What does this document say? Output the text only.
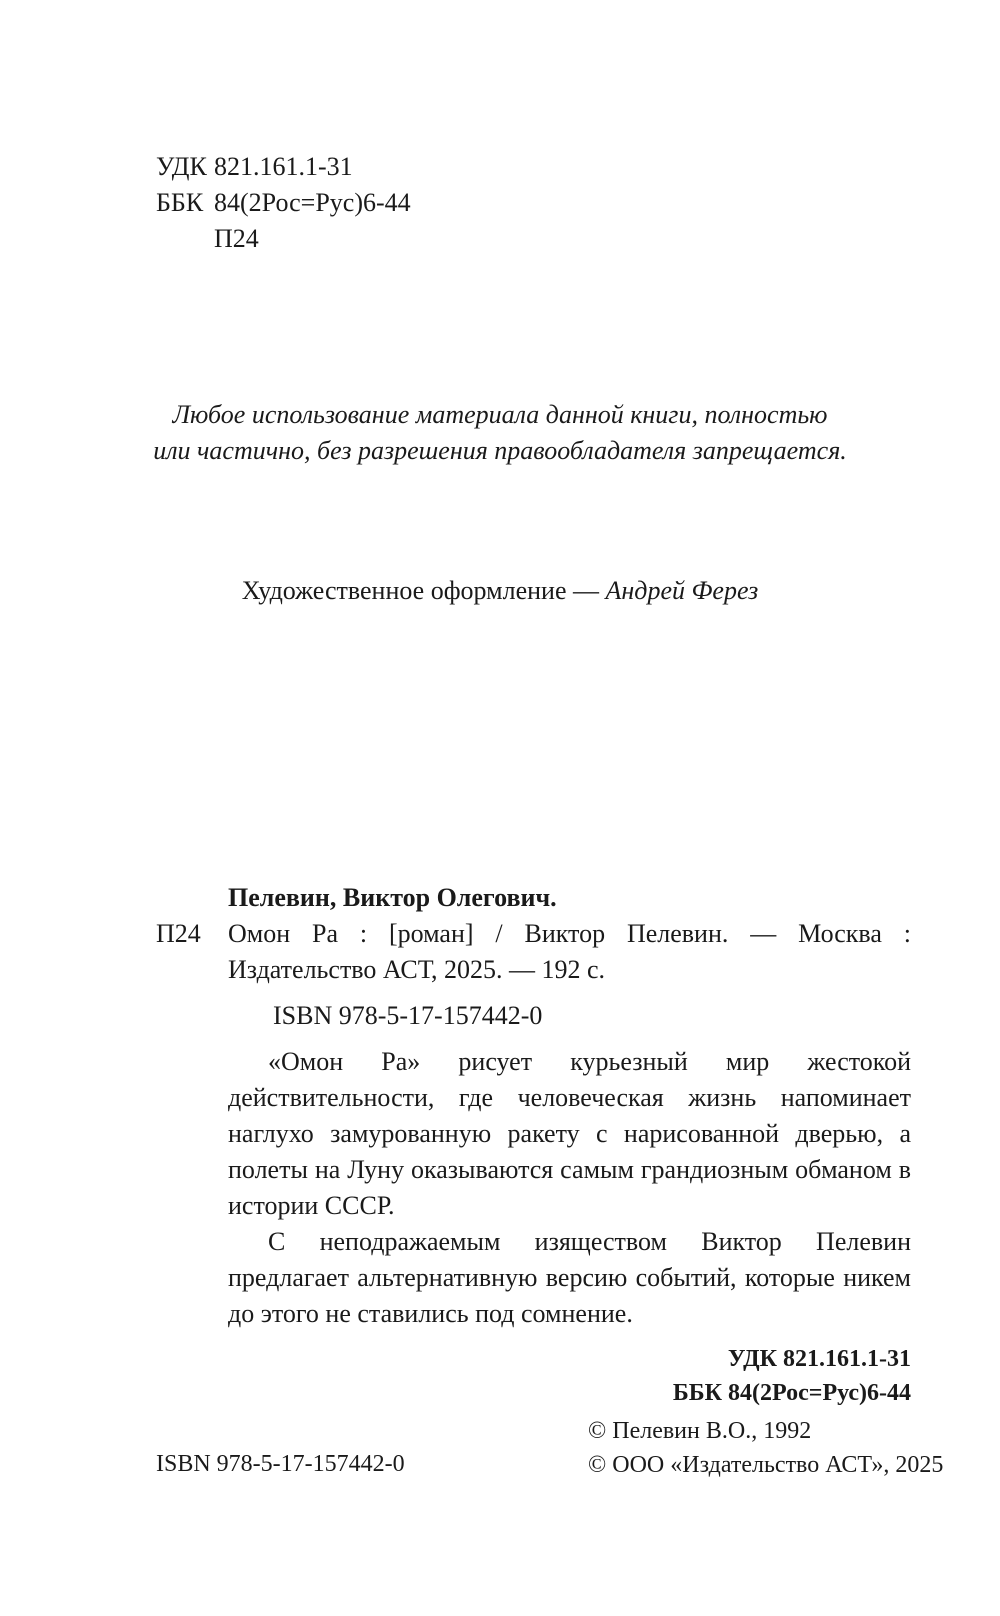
УДК 821.161.1-31
ББК 84(2Рос=Рус)6-44
П24
Любое использование материала данной книги, полностью
или частично, без разрешения правообладателя запрещается.
Художественное оформление — Андрей Ферез
Пелевин, Виктор Олегович.
П24 Омон Ра : [роман] / Виктор Пелевин. — Москва : Издательство АСТ, 2025. — 192 с.
ISBN 978-5-17-157442-0

«Омон Ра» рисует курьезный мир жестокой действительности, где человеческая жизнь напоминает наглухо замурованную ракету с нарисованной дверью, а полеты на Луну оказываются самым грандиозным обманом в истории СССР.

С неподражаемым изяществом Виктор Пелевин предлагает альтернативную версию событий, которые никем до этого не ставились под сомнение.

УДК 821.161.1-31
ББК 84(2Рос=Рус)6-44
ISBN 978-5-17-157442-0
© Пелевин В.О., 1992
© ООО «Издательство АСТ», 2025
